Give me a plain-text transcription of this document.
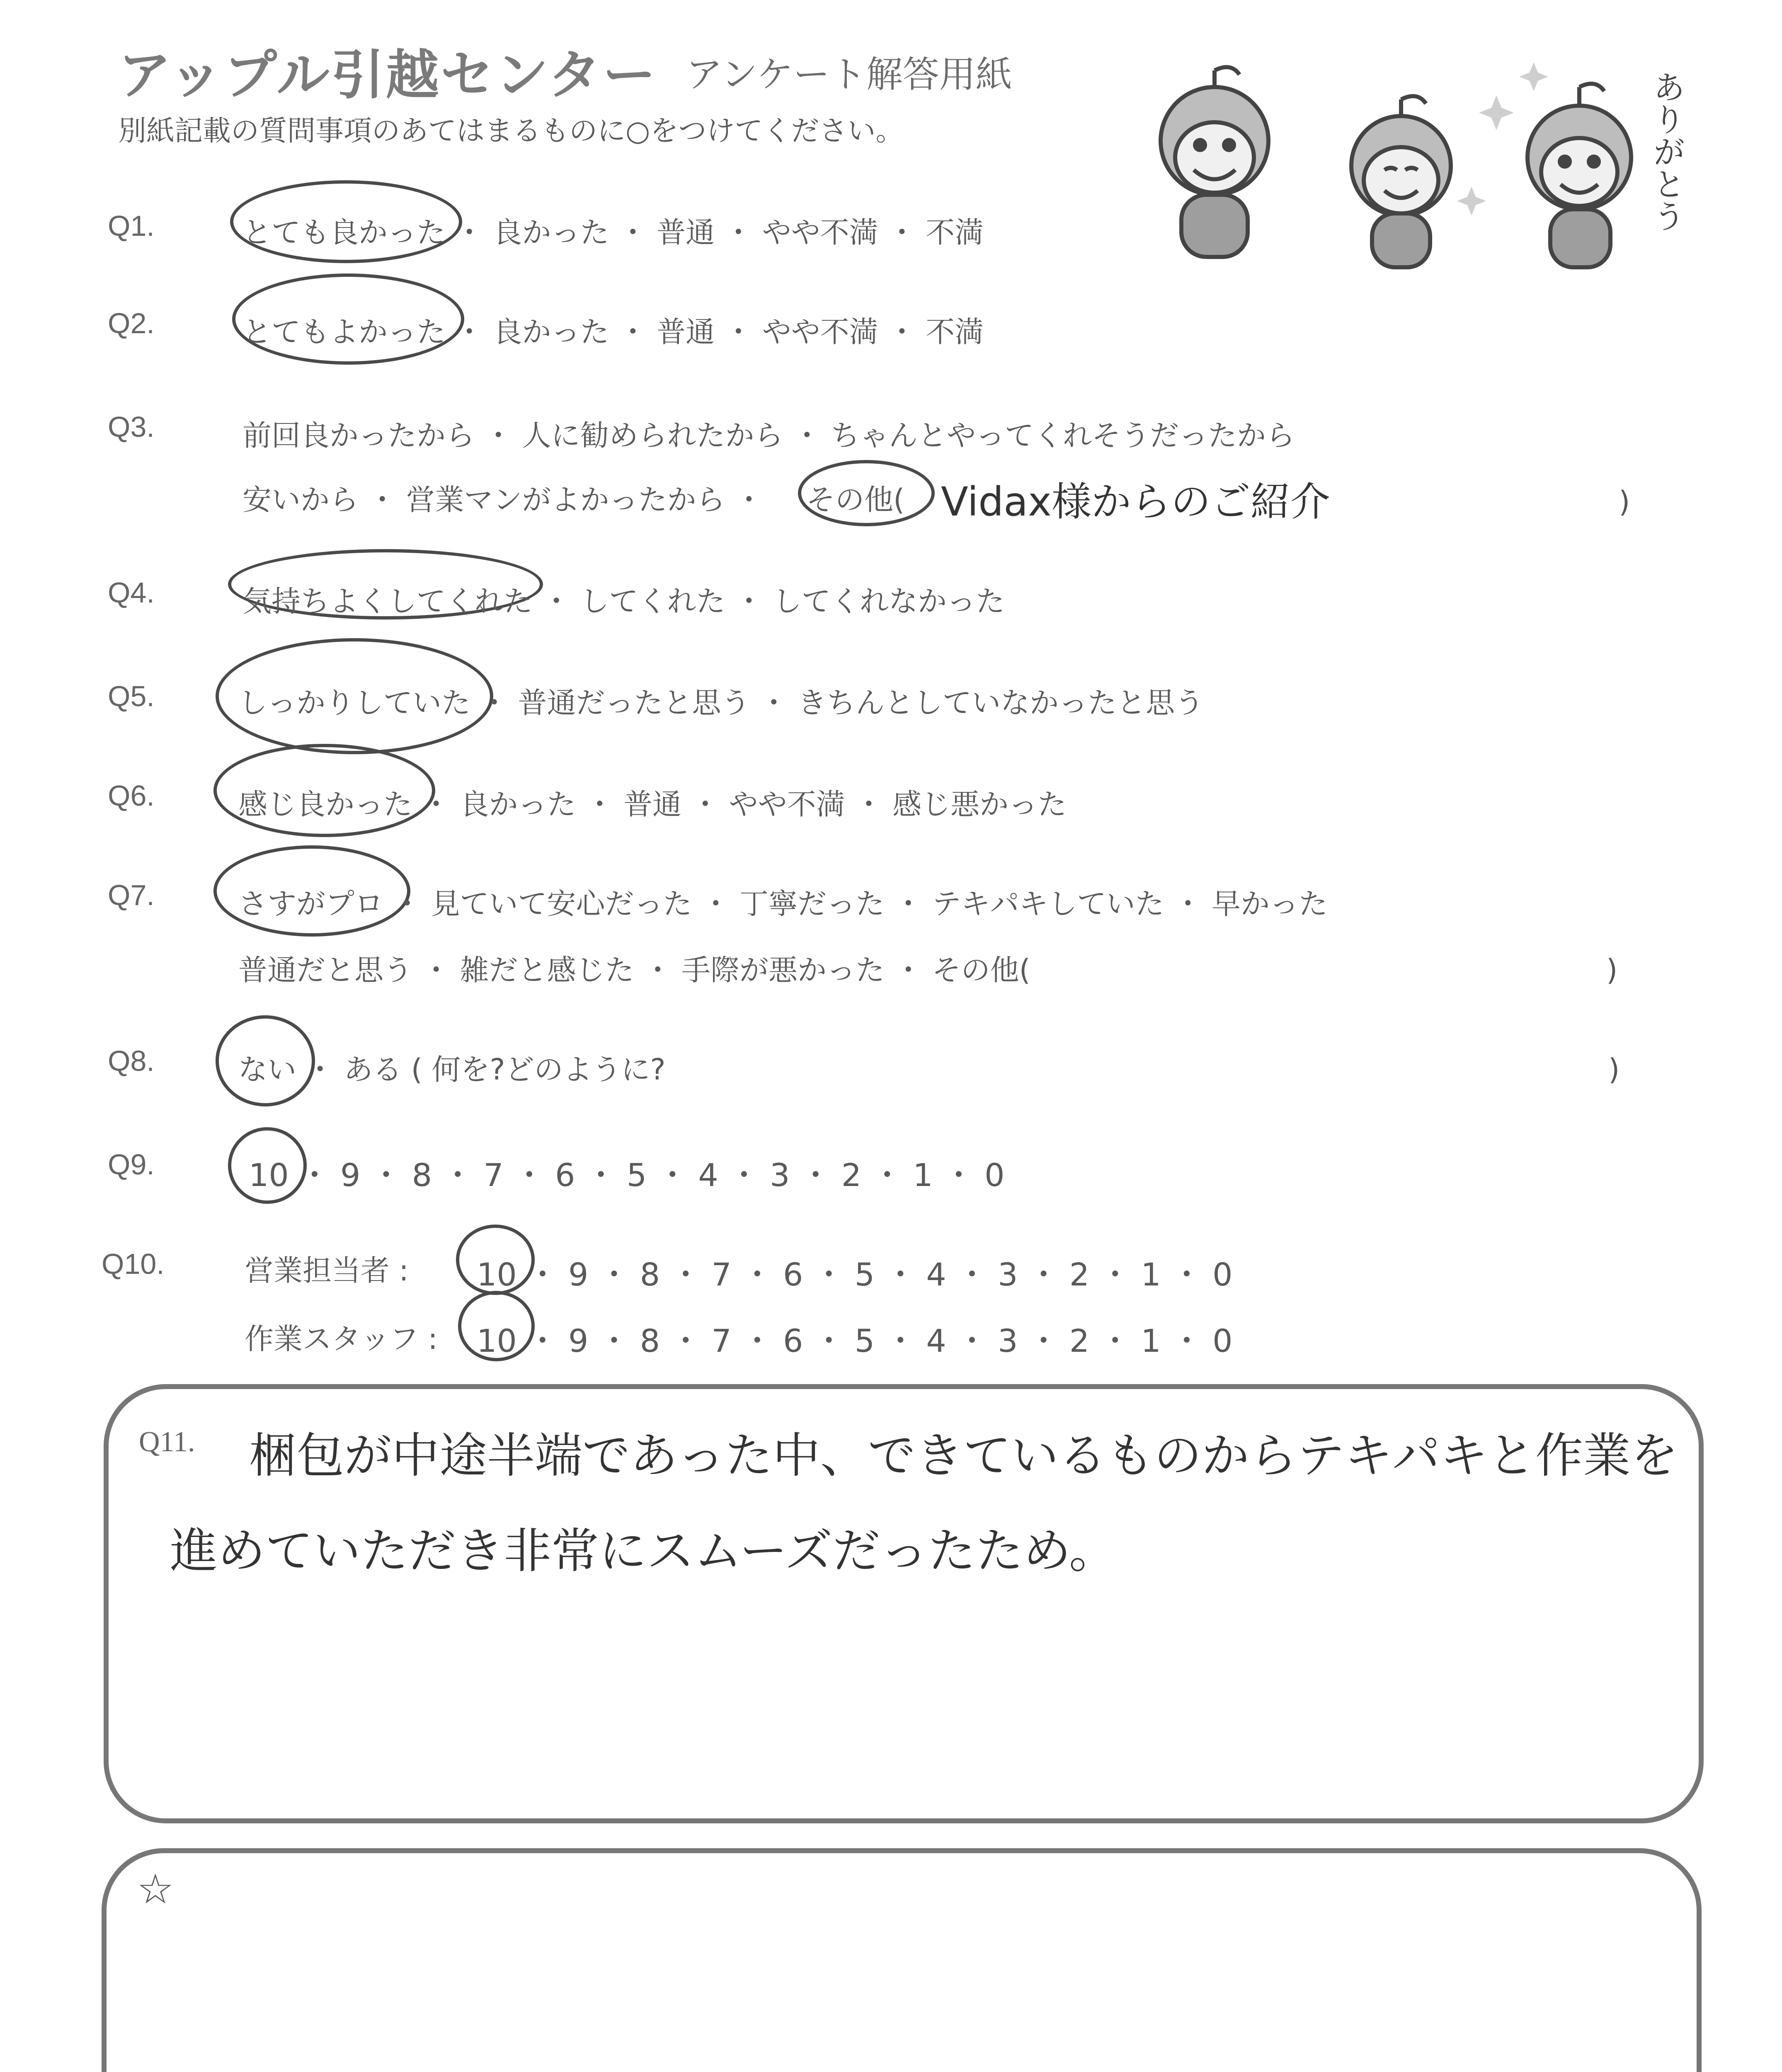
アップル引越センター アンケート解答用紙
別紙記載の質問事項のあてはまるものに○をつけてください。	ありがとう
Q1.	とても良かった ・ 良かった ・ 普通 ・ やや不満 ・ 不満
Q2.	とてもよかった ・ 良かった ・ 普通 ・ やや不満 ・ 不満
Q3.	前回良かったから ・ 人に勧められたから ・ ちゃんとやってくれそうだったから
安いから ・ 営業マンがよかったから ・ その他( Vidax様からのご紹介	)
Q4.	気持ちよくしてくれた ・ してくれた ・ してくれなかった
Q5.	しっかりしていた ・ 普通だったと思う ・ きちんとしていなかったと思う
Q6.	感じ良かった ・ 良かった ・ 普通 ・ やや不満 ・ 感じ悪かった
Q7.	さすがプロ ・ 見ていて安心だった ・ 丁寧だった ・ テキパキしていた ・ 早かった
普通だと思う ・ 雑だと感じた ・ 手際が悪かった ・ その他(	)
Q8.	ない ・ ある ( 何を?どのように?	)
Q9.	10 ・ 9 ・ 8 ・ 7 ・ 6 ・ 5 ・ 4 ・ 3 ・ 2 ・ 1 ・ 0
Q10.	営業担当者 : 10 ・ 9 ・ 8 ・ 7 ・ 6 ・ 5 ・ 4 ・ 3 ・ 2 ・ 1 ・ 0
作業スタッフ : 10 ・ 9 ・ 8 ・ 7 ・ 6 ・ 5 ・ 4 ・ 3 ・ 2 ・ 1 ・ 0
Q11. 梱包が中途半端であった中、できているものからテキパキと作業を
進めていただき非常にスムーズだったため。
☆
